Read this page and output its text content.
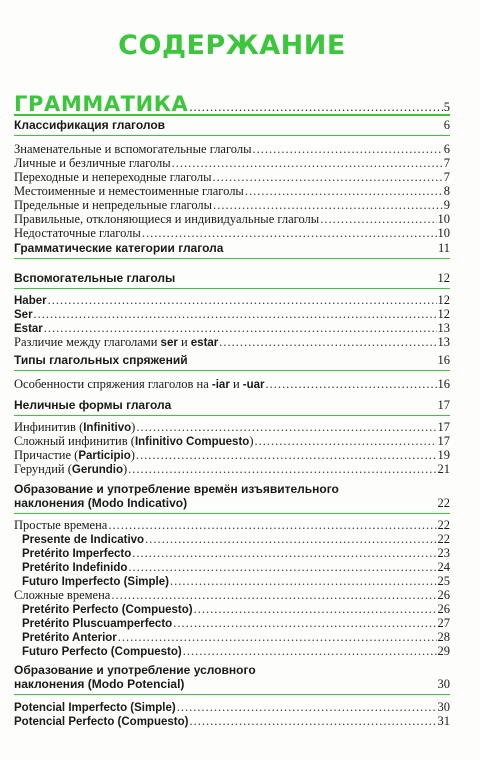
СОДЕРЖАНИЕ
ГРАММАТИКА .....	5
Классификация глаголов	6
Знаменательные и вспомогательные глаголы .....	6
Личные и безличные глаголы .....	7
Переходные и непереходные глаголы .....	7
Местоименные и неместоименные глаголы .....	8
Предельные и непредельные глаголы .....	9
Правильные, отклоняющиеся и индивидуальные глаголы .....	10
Недостаточные глаголы .....	10
Грамматические категории глагола	11
Вспомогательные глаголы	12
Haber .....	12
Ser .....	12
Estar .....	13
Различие между глаголами ser и estar .....	13
Типы глагольных спряжений	16
Особенности спряжения глаголов на -iar и -uar .....	16
Неличные формы глагола	17
Инфинитив (Infinitivo) .....	17
Сложный инфинитив (Infinitivo Compuesto) .....	17
Причастие (Participio) .....	19
Герундий (Gerundio) .....	21
Образование и употребление времён изъявительного
наклонения (Modo Indicativo)	22
Простые времена .....	22
Presente de Indicativo .....	22
Pretérito Imperfecto .....	23
Pretérito Indefinido .....	24
Futuro Imperfecto (Simple) .....	25
Сложные времена .....	26
Pretérito Perfecto (Compuesto) .....	26
Pretérito Pluscuamperfecto .....	27
Pretérito Anterior .....	28
Futuro Perfecto (Compuesto) .....	29
Образование и употребление условного
наклонения (Modo Potencial)	30
Potencial Imperfecto (Simple) .....	30
Potencial Perfecto (Compuesto) .....	31
